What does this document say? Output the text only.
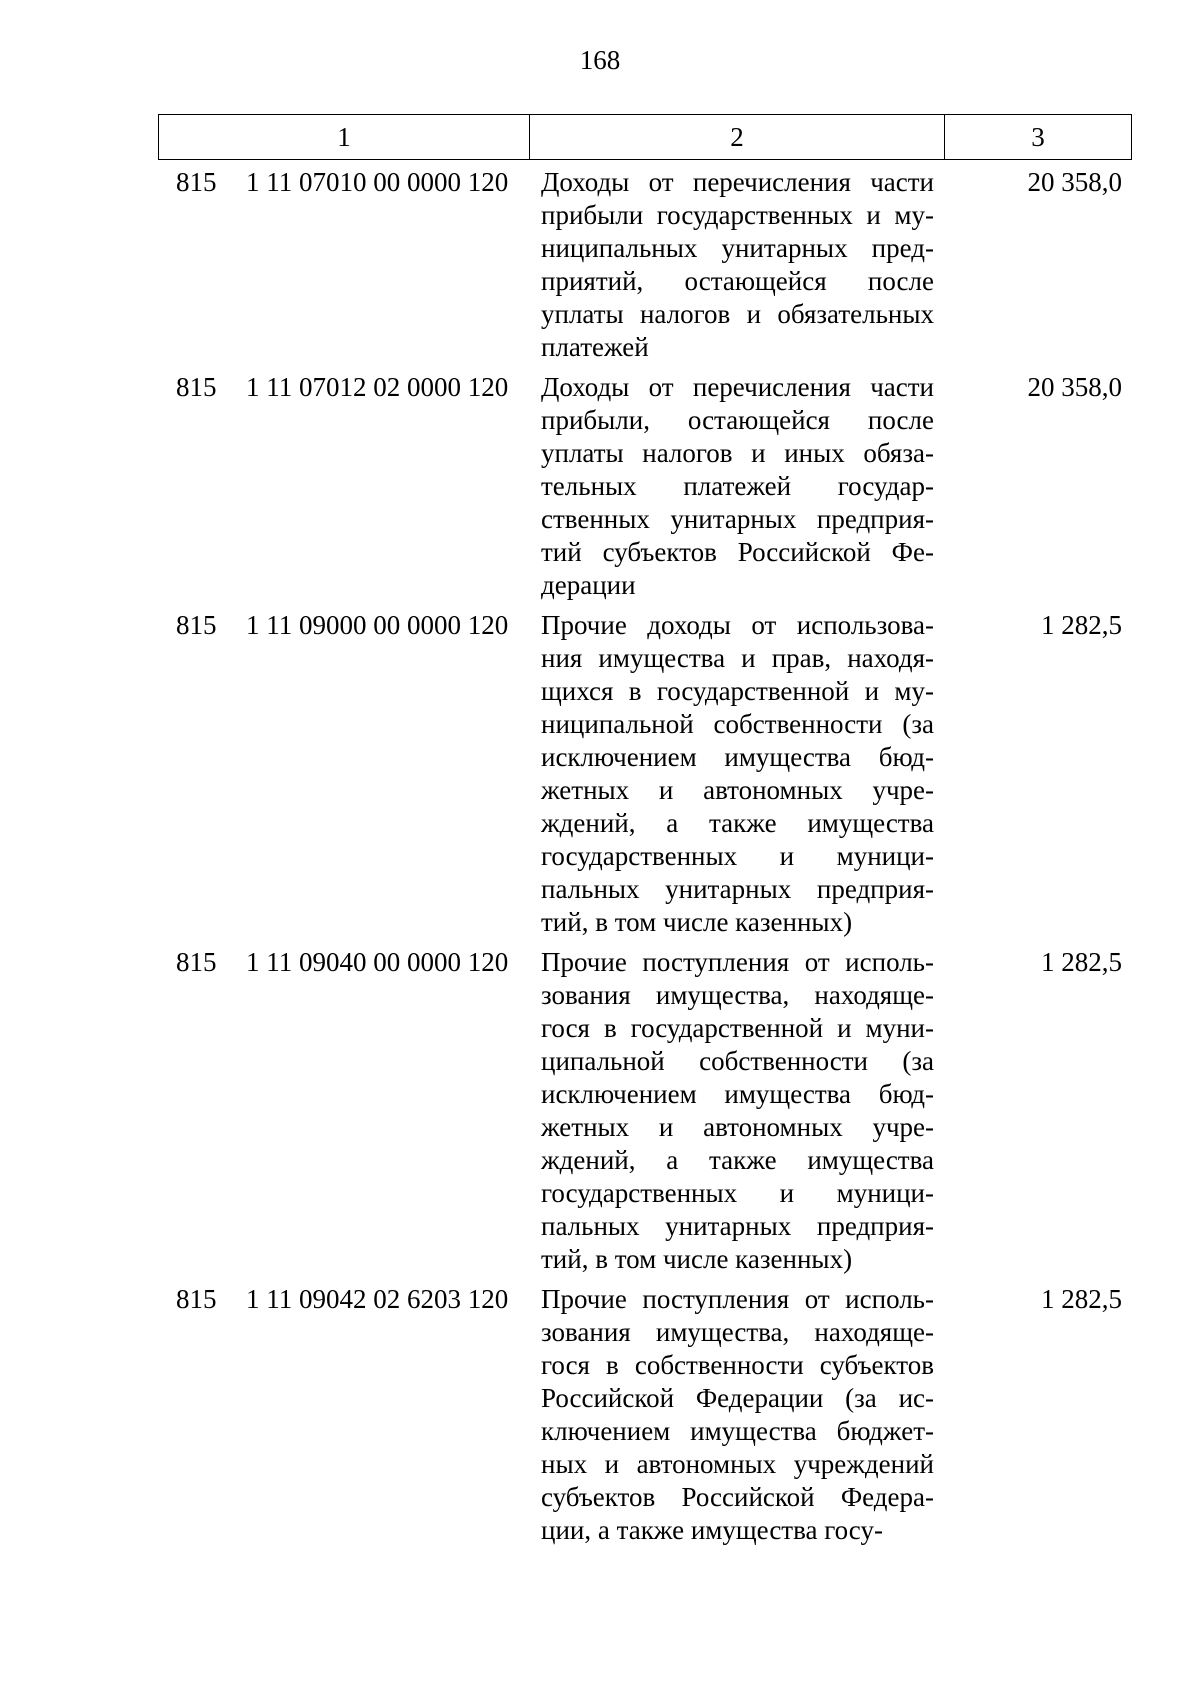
168
1	2	3
815	1 11 07010 00 0000 120	Доходы от перечисления части
прибыли государственных и му-
ниципальных унитарных пред-
приятий, остающейся после
уплаты налогов и обязательных
платежей
20 358,0
815	1 11 07012 02 0000 120	Доходы от перечисления части
прибыли, остающейся после
уплаты налогов и иных обяза-
тельных платежей государ-
ственных унитарных предприя-
тий субъектов Российской Фе-
дерации
20 358,0
815	1 11 09000 00 0000 120	Прочие доходы от использова-
ния имущества и прав, находя-
щихся в государственной и му-
ниципальной собственности (за
исключением имущества бюд-
жетных и автономных учре-
ждений, а также имущества
государственных и муници-
пальных унитарных предприя-
тий, в том числе казенных)
1 282,5
815	1 11 09040 00 0000 120	Прочие поступления от исполь-
зования имущества, находяще-
гося в государственной и муни-
ципальной собственности (за
исключением имущества бюд-
жетных и автономных учре-
ждений, а также имущества
государственных и муници-
пальных унитарных предприя-
тий, в том числе казенных)
1 282,5
815	1 11 09042 02 6203 120	Прочие поступления от исполь-
зования имущества, находяще-
гося в собственности субъектов
Российской Федерации (за ис-
ключением имущества бюджет-
ных и автономных учреждений
субъектов Российской Федера-
ции, а также имущества госу-
1 282,5
